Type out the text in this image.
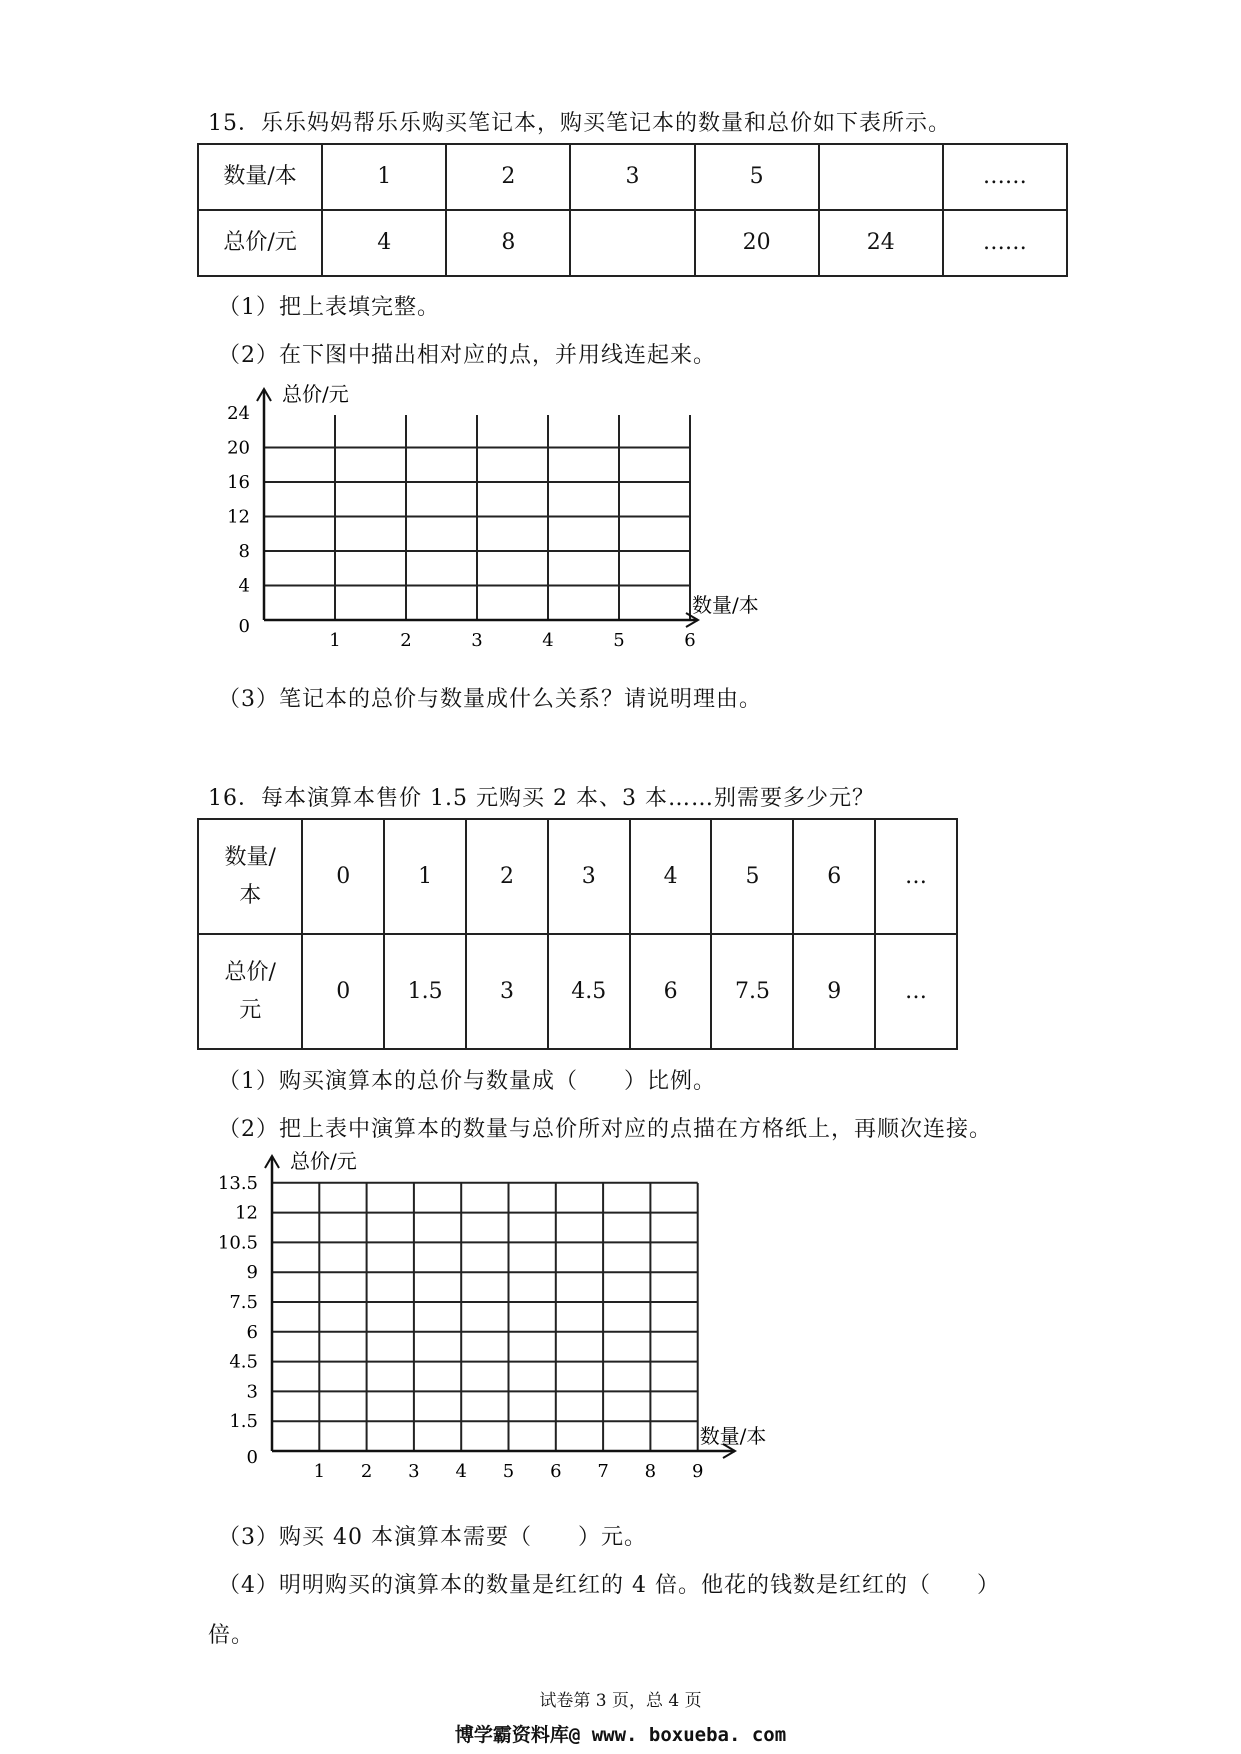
15．乐乐妈妈帮乐乐购买笔记本，购买笔记本的数量和总价如下表所示。
数量/本	1	2	3	5		……
总价/元	4	8		20	24	……
（1）把上表填完整。
（2）在下图中描出相对应的点，并用线连起来。
1	2	3	4	5	6
0
4
8
12
16
20
24
总价/元
数量/本
（3）笔记本的总价与数量成什么关系？请说明理由。
16．每本演算本售价 1.5 元购买 2 本、3 本……别需要多少元？
数量/
本	0	1	2	3	4	5	6	…
总价/
元	0	1.5	3	4.5	6	7.5	9	…
（1）购买演算本的总价与数量成（　　）比例。
（2）把上表中演算本的数量与总价所对应的点描在方格纸上，再顺次连接。
1 2 3 4 5 6 7 8 9
0
1.5
3
4.5
6
7.5
9
10.5
12
13.5
总价/元
数量/本
（3）购买 40 本演算本需要（　　）元。
（4）明明购买的演算本的数量是红红的 4 倍。他花的钱数是红红的（　　）
倍。
试卷第 3 页，总 4 页
博学霸资料库@ www. boxueba. com
